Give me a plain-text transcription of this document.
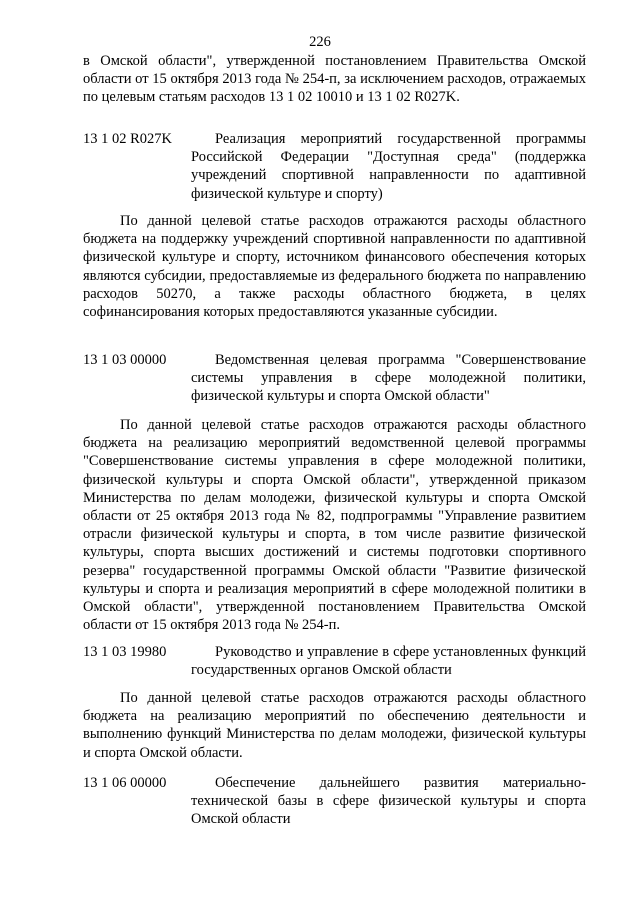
226

в Омской области", утвержденной постановлением Правительства Омской области от 15 октября 2013 года № 254-п, за исключением расходов, отражаемых по целевым статьям расходов 13 1 02 10010 и 13 1 02 R027K.

13 1 02 R027K	Реализация мероприятий государственной программы Российской Федерации "Доступная среда" (поддержка учреждений спортивной направленности по адаптивной физической культуре и спорту)

По данной целевой статье расходов отражаются расходы областного бюджета на поддержку учреждений спортивной направленности по адаптивной физической культуре и спорту, источником финансового обеспечения которых являются субсидии, предоставляемые из федерального бюджета по направлению расходов 50270, а также расходы областного бюджета, в целях софинансирования которых предоставляются указанные субсидии.

13 1 03 00000	Ведомственная целевая программа "Совершенствование системы управления в сфере молодежной политики, физической культуры и спорта Омской области"

По данной целевой статье расходов отражаются расходы областного бюджета на реализацию мероприятий ведомственной целевой программы "Совершенствование системы управления в сфере молодежной политики, физической культуры и спорта Омской области", утвержденной приказом Министерства по делам молодежи, физической культуры и спорта Омской области от 25 октября 2013 года № 82, подпрограммы "Управление развитием отрасли физической культуры и спорта, в том числе развитие физической культуры, спорта высших достижений и системы подготовки спортивного резерва" государственной программы Омской области "Развитие физической культуры и спорта и реализация мероприятий в сфере молодежной политики в Омской области", утвержденной постановлением Правительства Омской области от 15 октября 2013 года № 254-п.

13 1 03 19980	Руководство и управление в сфере установленных функций государственных органов Омской области

По данной целевой статье расходов отражаются расходы областного бюджета на реализацию мероприятий по обеспечению деятельности и выполнению функций Министерства по делам молодежи, физической культуры и спорта Омской области.

13 1 06 00000	Обеспечение дальнейшего развития материально-технической базы в сфере физической культуры и спорта Омской области
